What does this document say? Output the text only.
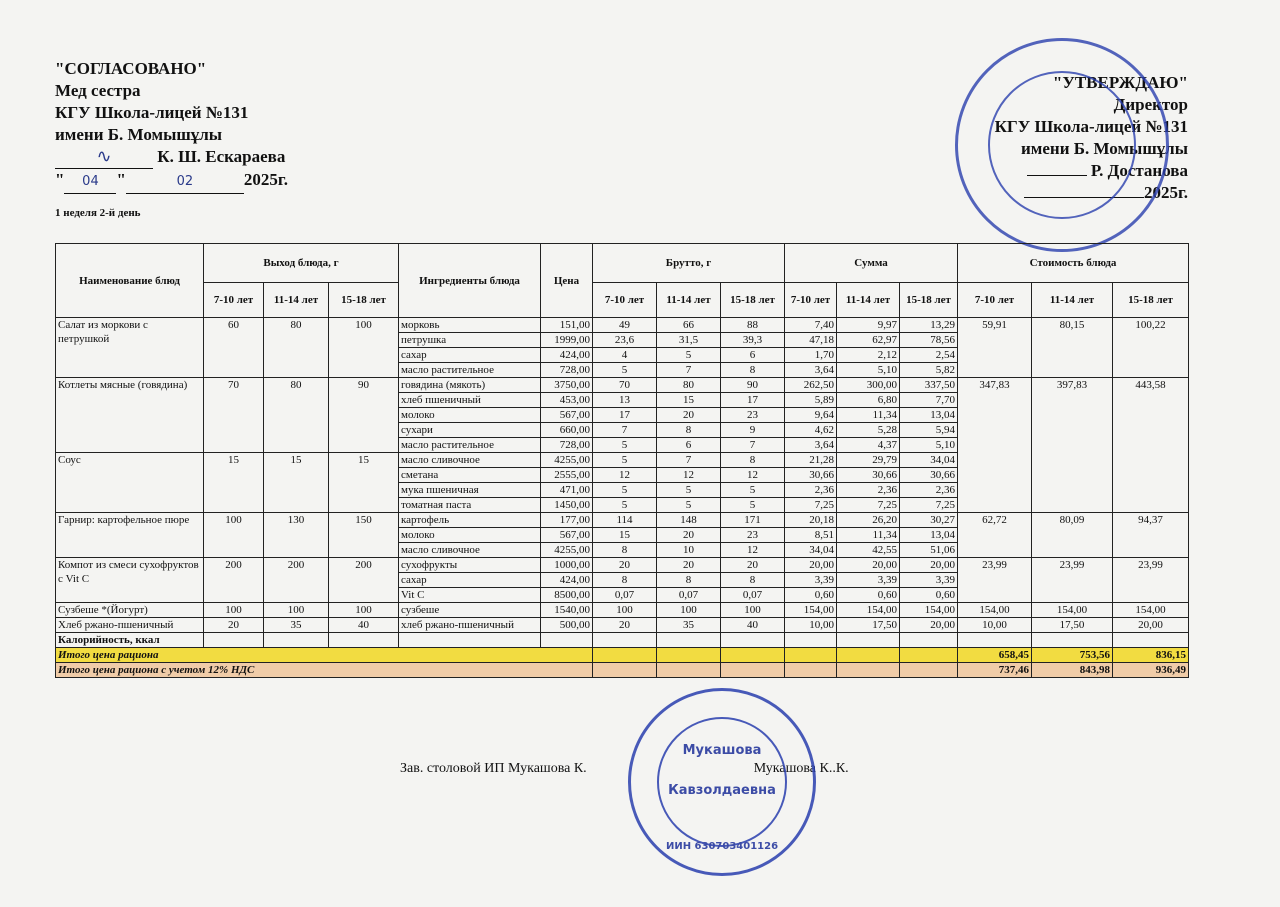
"СОГЛАСОВАНО"
Мед сестра
КГУ Школа-лицей №131
имени Б. Момышұлы
∿	К. Ш. Ескараева
" 04 "	02	2025г.
"УТВЕРЖДАЮ"
Директор
КГУ Школа-лицей №131
имени Б. Момышұлы
Р. Достанова
2025г.
1 неделя 2-й день
Наименование блюд	Выход блюда, г			Ингредиенты блюда	Цена	Брутто, г			Сумма			Стоимость блюда		
	7-10 лет	11-14 лет	15-18 лет			7-10 лет	11-14 лет	15-18 лет	7-10 лет	11-14 лет	15-18 лет	7-10 лет	11-14 лет	15-18 лет
Салат из моркови с петрушкой	60	80	100	морковь	151,00	49	66	88	7,40	9,97	13,29	59,91	80,15	100,22
				петрушка	1999,00	23,6	31,5	39,3	47,18	62,97	78,56			
				сахар	424,00	4	5	6	1,70	2,12	2,54			
				масло растительное	728,00	5	7	8	3,64	5,10	5,82			
Котлеты мясные (говядина)	70	80	90	говядина (мякоть)	3750,00	70	80	90	262,50	300,00	337,50	347,83	397,83	443,58
				хлеб пшеничный	453,00	13	15	17	5,89	6,80	7,70			
				молоко	567,00	17	20	23	9,64	11,34	13,04			
				сухари	660,00	7	8	9	4,62	5,28	5,94			
				масло растительное	728,00	5	6	7	3,64	4,37	5,10			
Соус	15	15	15	масло сливочное	4255,00	5	7	8	21,28	29,79	34,04			
				сметана	2555,00	12	12	12	30,66	30,66	30,66			
				мука пшеничная	471,00	5	5	5	2,36	2,36	2,36			
				томатная паста	1450,00	5	5	5	7,25	7,25	7,25			
Гарнир: картофельное пюре	100	130	150	картофель	177,00	114	148	171	20,18	26,20	30,27	62,72	80,09	94,37
				молоко	567,00	15	20	23	8,51	11,34	13,04			
				масло сливочное	4255,00	8	10	12	34,04	42,55	51,06			
Компот из смеси сухофруктов с Vit C	200	200	200	сухофрукты	1000,00	20	20	20	20,00	20,00	20,00	23,99	23,99	23,99
				сахар	424,00	8	8	8	3,39	3,39	3,39			
				Vit C	8500,00	0,07	0,07	0,07	0,60	0,60	0,60			
Сузбеше *(Йогурт)	100	100	100	сузбеше	1540,00	100	100	100	154,00	154,00	154,00	154,00	154,00	154,00
Хлеб ржано-пшеничный	20	35	40	хлеб ржано-пшеничный	500,00	20	35	40	10,00	17,50	20,00	10,00	17,50	20,00
Калорийность, ккал														
Итого цена рациона												658,45	753,56	836,15
Итого цена рациона с учетом 12% НДС												737,46	843,98	936,49
Зав. столовой ИП Мукашова К.	Мукашова К..К.
Мукашова
Кавзолдаевна
ИИН 630703401126
